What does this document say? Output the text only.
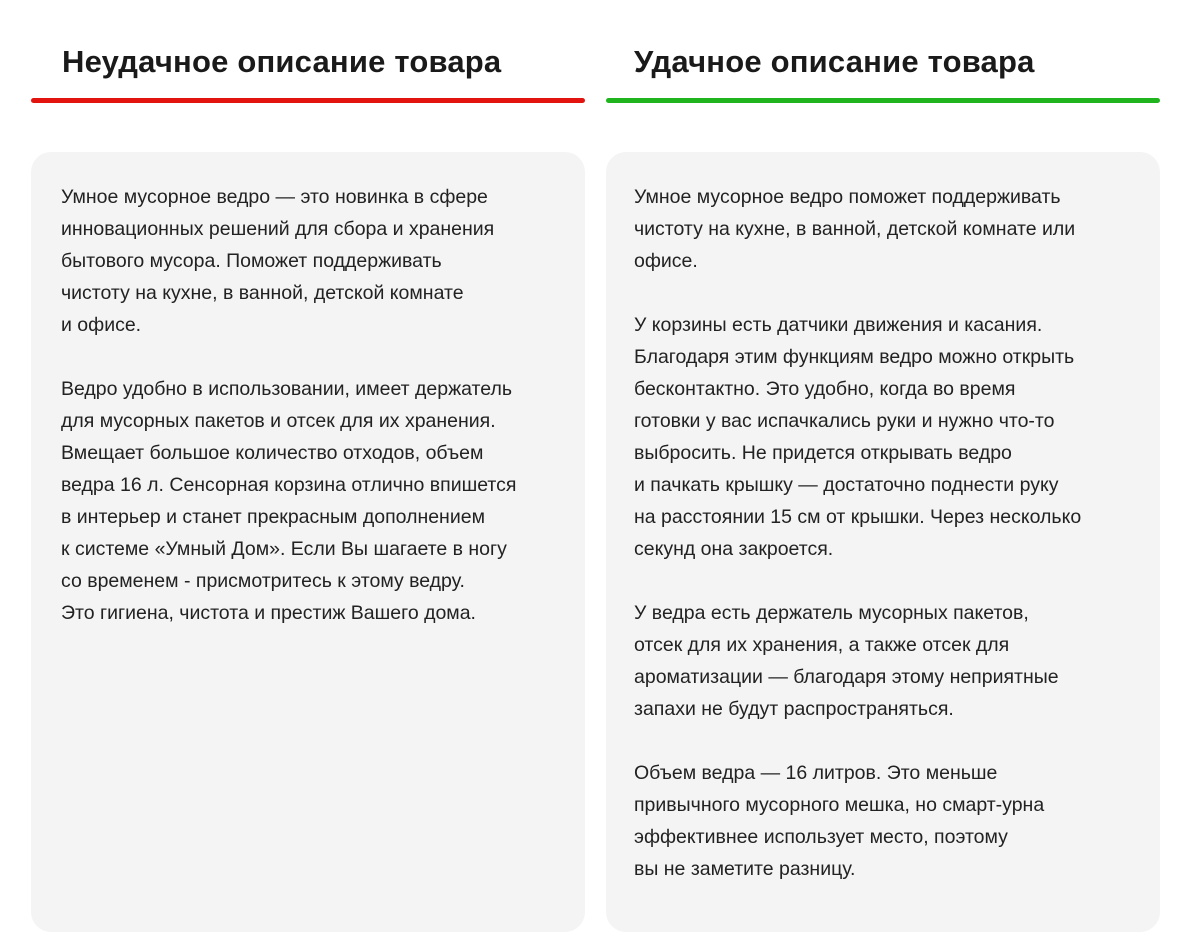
Неудачное описание товара

Умное мусорное ведро — это новинка в сфере
инновационных решений для сбора и хранения
бытового мусора. Поможет поддерживать
чистоту на кухне, в ванной, детской комнате
и офисе.

Ведро удобно в использовании, имеет держатель
для мусорных пакетов и отсек для их хранения.
Вмещает большое количество отходов, объем
ведра 16 л. Сенсорная корзина отлично впишется
в интерьер и станет прекрасным дополнением
к системе «Умный Дом». Если Вы шагаете в ногу
со временем - присмотритесь к этому ведру.
Это гигиена, чистота и престиж Вашего дома.

Удачное описание товара

Умное мусорное ведро поможет поддерживать
чистоту на кухне, в ванной, детской комнате или
офисе.

У корзины есть датчики движения и касания.
Благодаря этим функциям ведро можно открыть
бесконтактно. Это удобно, когда во время
готовки у вас испачкались руки и нужно что-то
выбросить. Не придется открывать ведро
и пачкать крышку — достаточно поднести руку
на расстоянии 15 см от крышки. Через несколько
секунд она закроется.

У ведра есть держатель мусорных пакетов,
отсек для их хранения, а также отсек для
ароматизации — благодаря этому неприятные
запахи не будут распространяться.

Объем ведра — 16 литров. Это меньше
привычного мусорного мешка, но смарт-урна
эффективнее использует место, поэтому
вы не заметите разницу.
